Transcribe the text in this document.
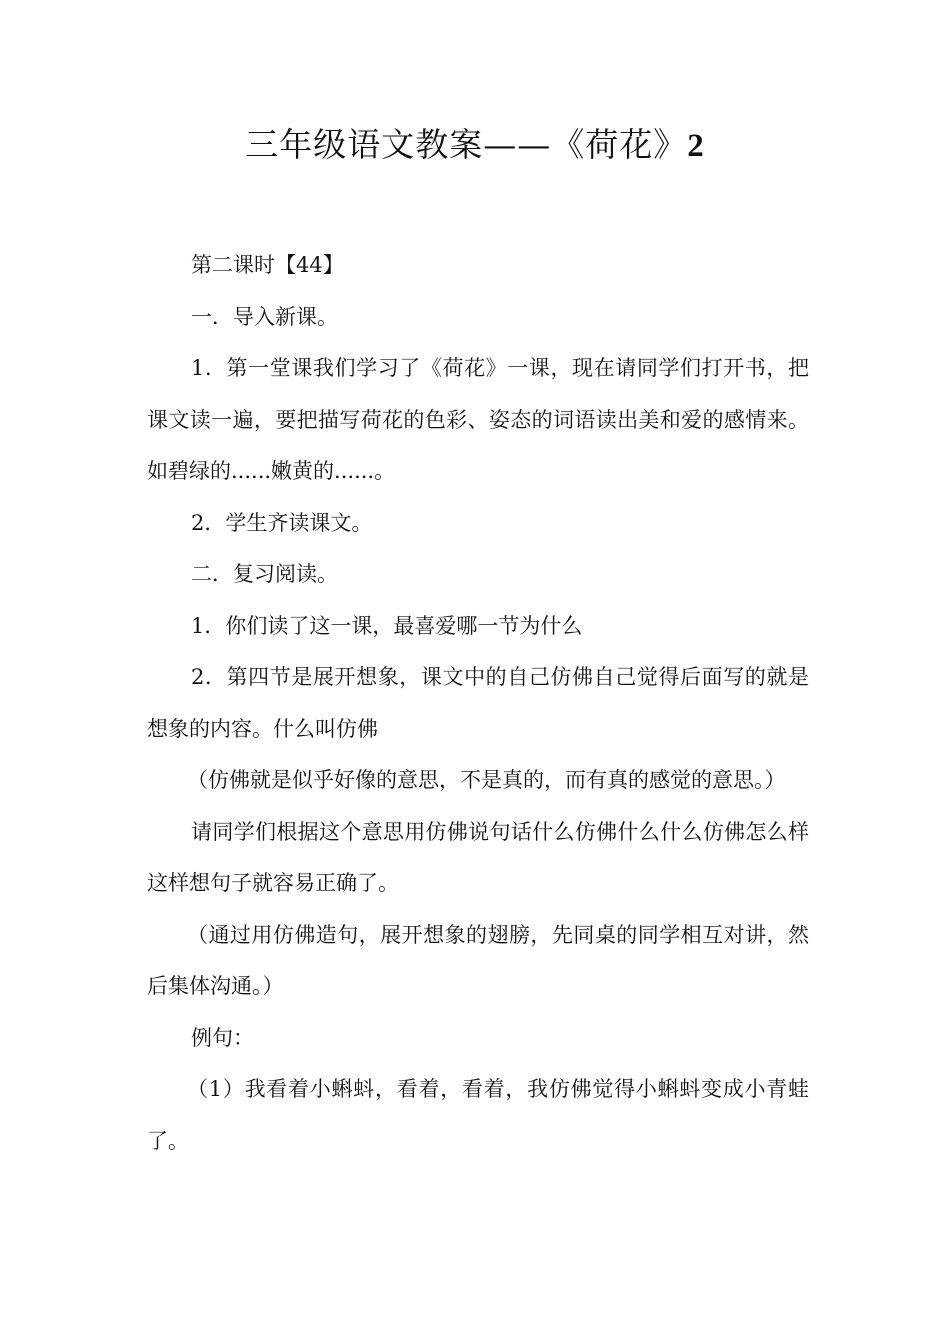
三年级语文教案——《荷花》2

第二课时【44】

一．导入新课。

1．第一堂课我们学习了《荷花》一课，现在请同学们打开书，把课文读一遍，要把描写荷花的色彩、姿态的词语读出美和爱的感情来。如碧绿的......嫩黄的......。

2．学生齐读课文。

二．复习阅读。

1．你们读了这一课，最喜爱哪一节为什么

2．第四节是展开想象，课文中的自己仿佛自己觉得后面写的就是想象的内容。什么叫仿佛

（仿佛就是似乎好像的意思，不是真的，而有真的感觉的意思。）

请同学们根据这个意思用仿佛说句话什么仿佛什么什么仿佛怎么样这样想句子就容易正确了。

（通过用仿佛造句，展开想象的翅膀，先同桌的同学相互对讲，然后集体沟通。）

例句：

（1）我看着小蝌蚪，看着，看着，我仿佛觉得小蝌蚪变成小青蛙了。
